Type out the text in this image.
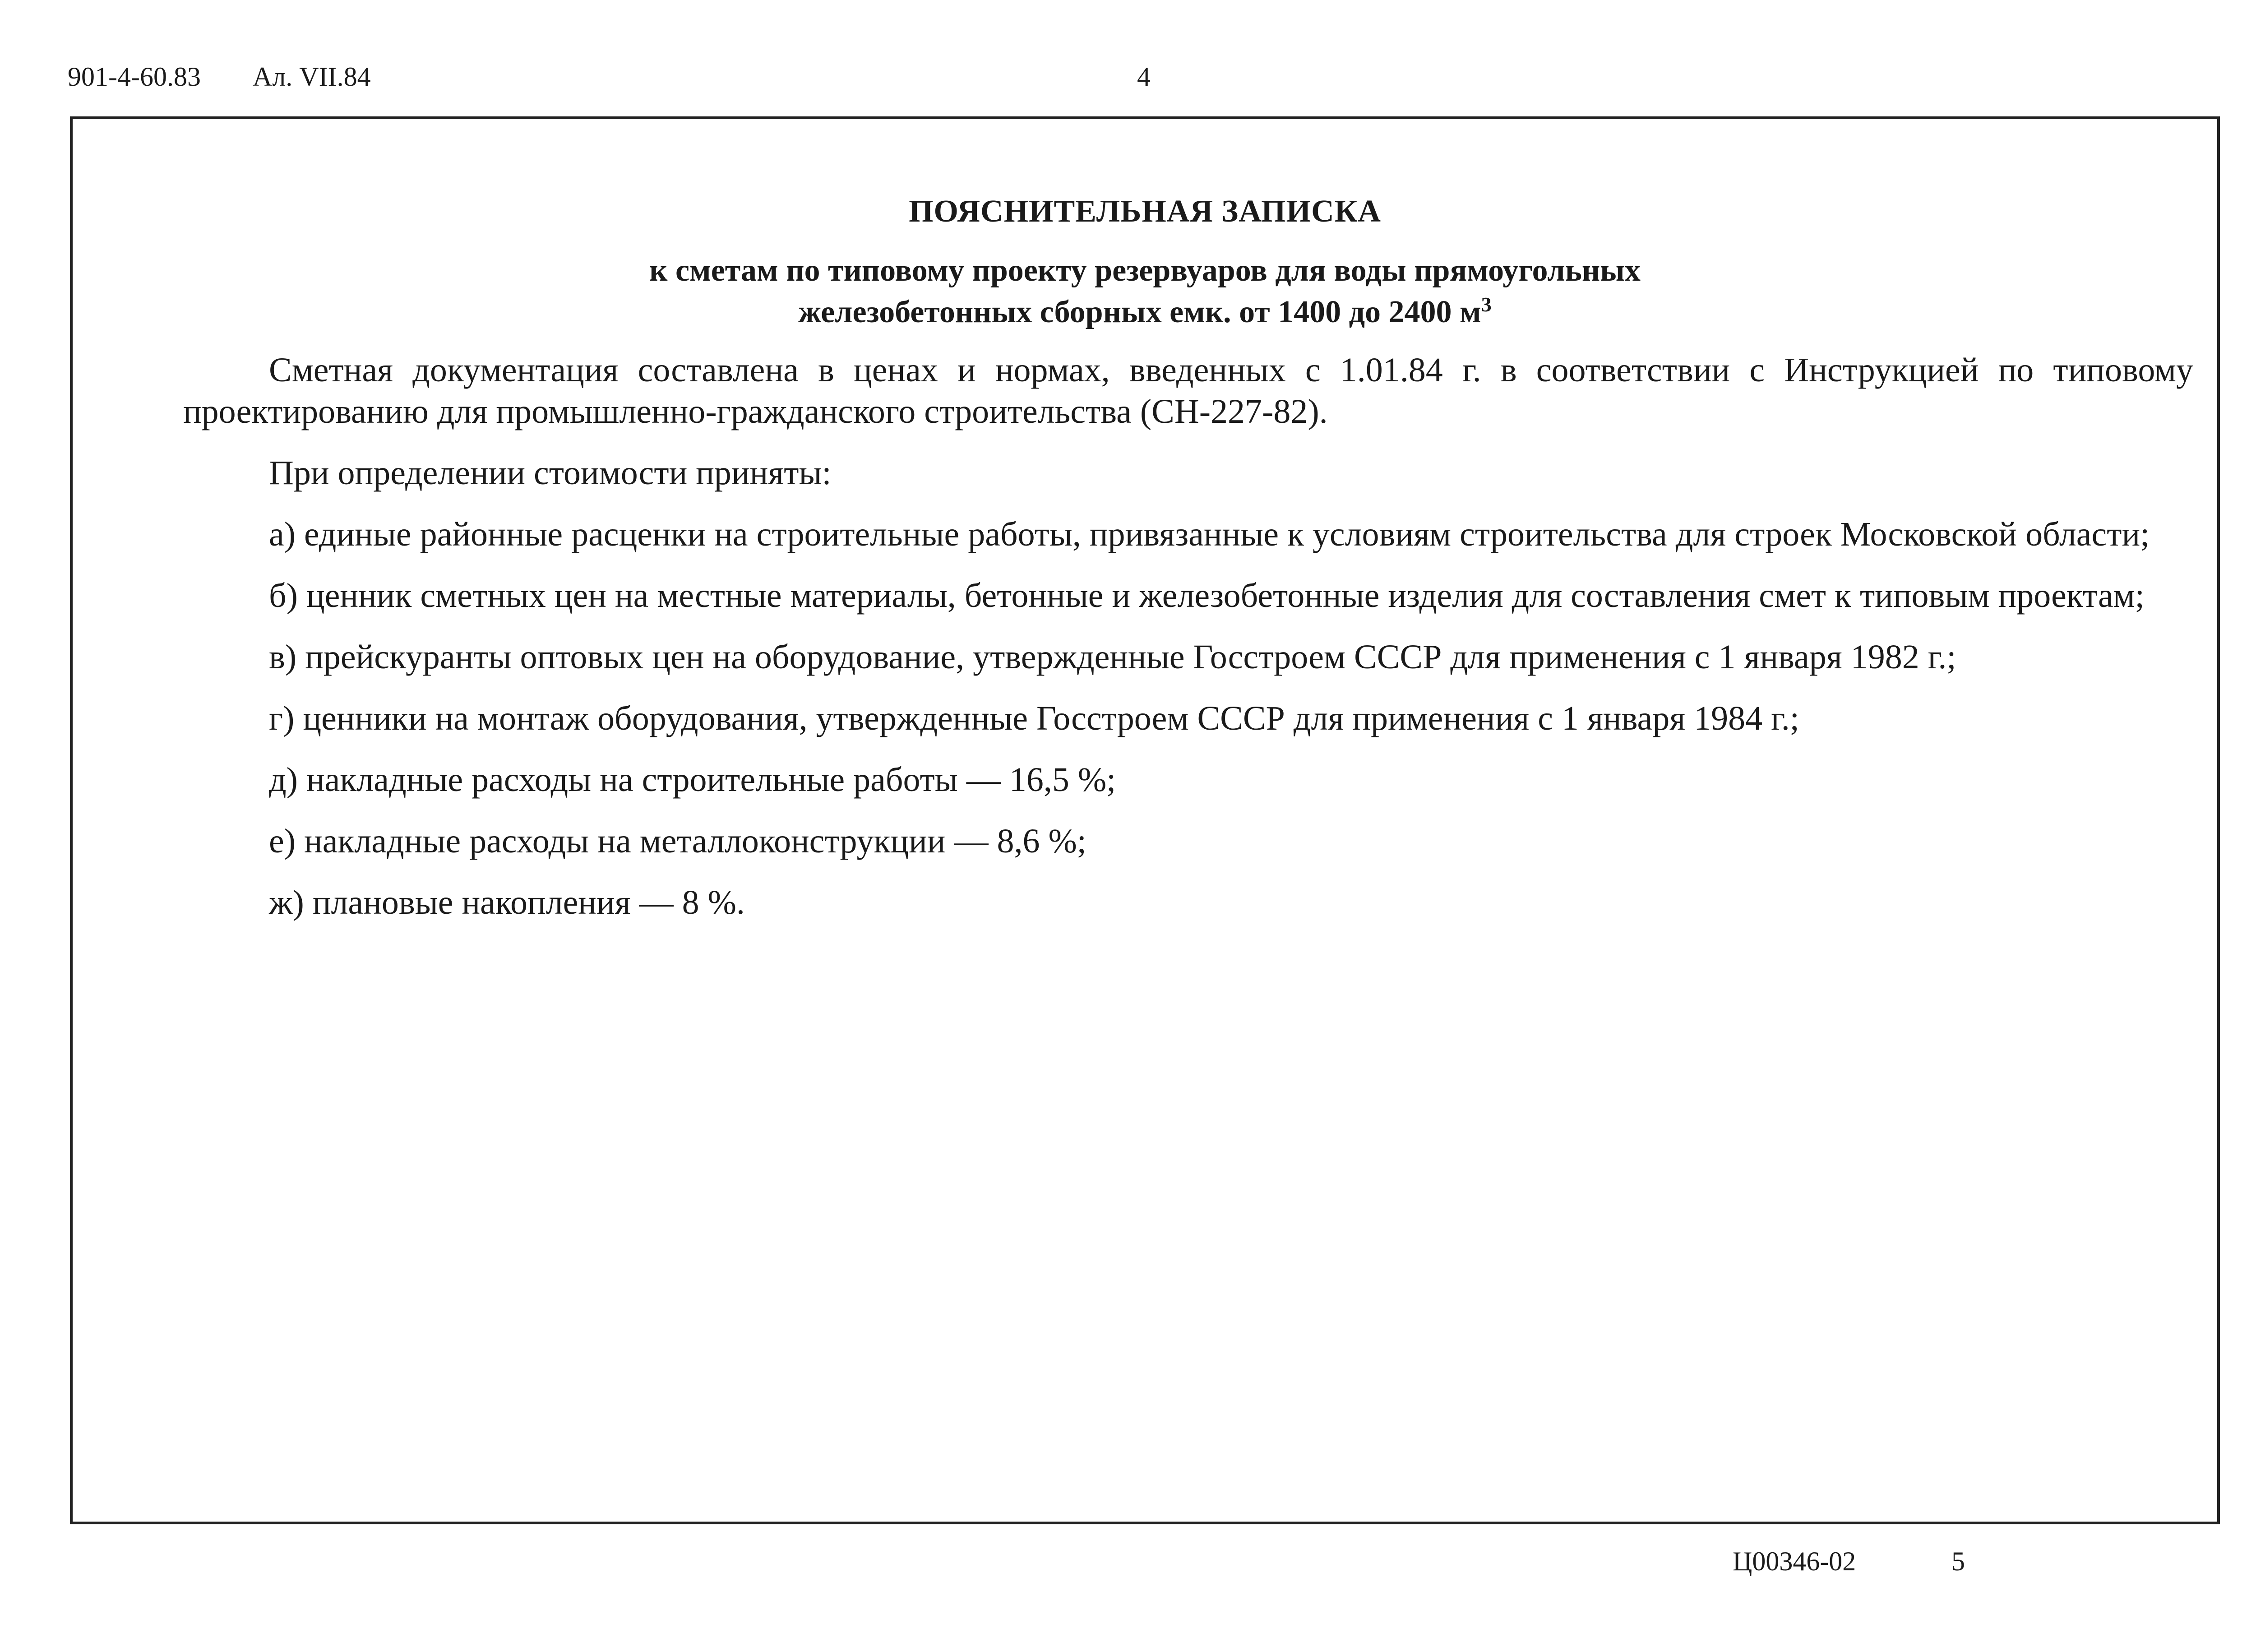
901-4-60.83 Ал. VII.84	4
ПОЯСНИТЕЛЬНАЯ ЗАПИСКА
к сметам по типовому проекту резервуаров для воды прямоугольных
железобетонных сборных емк. от 1400 до 2400 $м^3$

Сметная документация составлена в ценах и нормах, введенных с 1.01.84 г. в соответствии с Инструкцией по типовому проектированию для промышленно-гражданского строительства (СН-227-82).

При определении стоимости приняты:

а) единые районные расценки на строительные работы, привязанные к условиям строительства для строек Московской области;

б) ценник сметных цен на местные материалы, бетонные и железобетонные изделия для составления смет к типовым проектам;

в) прейскуранты оптовых цен на оборудование, утвержденные Госстроем СССР для применения с 1 января 1982 г.;

г) ценники на монтаж оборудования, утвержденные Госстроем СССР для применения с 1 января 1984 г.;

д) накладные расходы на строительные работы — 16,5 %;

е) накладные расходы на металлоконструкции — 8,6 %;

ж) плановые накопления — 8 %.

Ц00346-02	5
